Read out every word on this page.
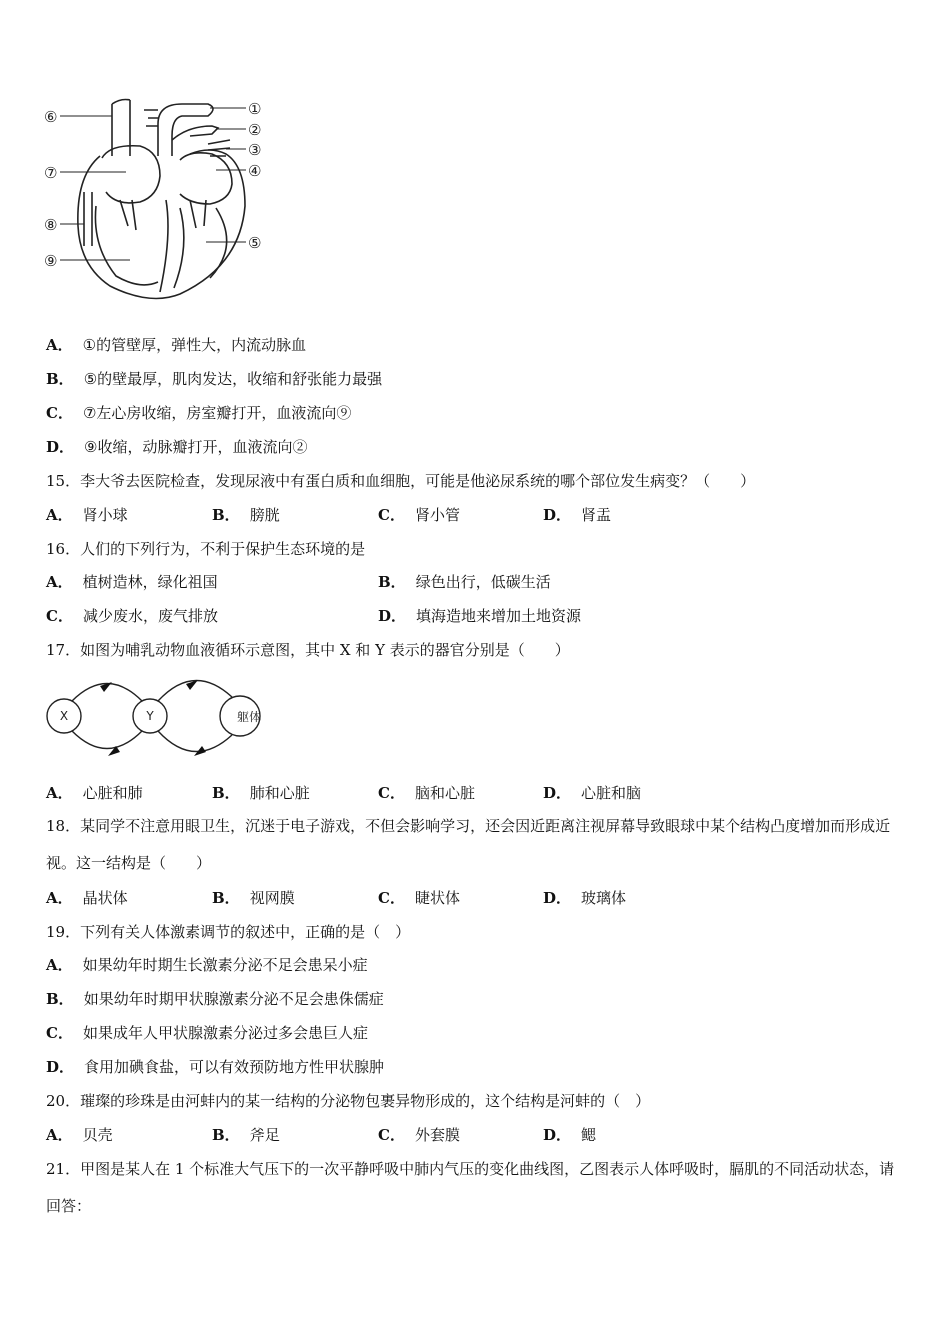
⑥
⑦
⑧
⑨
①
②
③
④
⑤
A． ①的管壁厚，弹性大，内流动脉血
B． ⑤的壁最厚，肌肉发达，收缩和舒张能力最强
C． ⑦左心房收缩，房室瓣打开，血液流向⑨
D． ⑨收缩，动脉瓣打开，血液流向②
15．李大爷去医院检查，发现尿液中有蛋白质和血细胞，可能是他泌尿系统的哪个部位发生病变？（　　）
A． 肾小球	B． 膀胱	C． 肾小管	D． 肾盂
16．人们的下列行为，不利于保护生态环境的是
A． 植树造林，绿化祖国	B． 绿色出行，低碳生活
C． 减少废水，废气排放	D． 填海造地来增加土地资源
17．如图为哺乳动物血液循环示意图，其中 X 和 Y 表示的器官分别是（　　）
X	Y	躯体
A． 心脏和肺	B． 肺和心脏	C． 脑和心脏	D． 心脏和脑
18．某同学不注意用眼卫生，沉迷于电子游戏，不但会影响学习，还会因近距离注视屏幕导致眼球中某个结构凸度增加而形成近视。这一结构是（　　）
A． 晶状体	B． 视网膜	C． 睫状体	D． 玻璃体
19．下列有关人体激素调节的叙述中，正确的是（　）
A． 如果幼年时期生长激素分泌不足会患呆小症
B． 如果幼年时期甲状腺激素分泌不足会患侏儒症
C． 如果成年人甲状腺激素分泌过多会患巨人症
D． 食用加碘食盐，可以有效预防地方性甲状腺肿
20．璀璨的珍珠是由河蚌内的某一结构的分泌物包裹异物形成的，这个结构是河蚌的（　）
A． 贝壳	B． 斧足	C． 外套膜	D． 鳃
21．甲图是某人在 1 个标准大气压下的一次平静呼吸中肺内气压的变化曲线图，乙图表示人体呼吸时，膈肌的不同活动状态，请回答：
